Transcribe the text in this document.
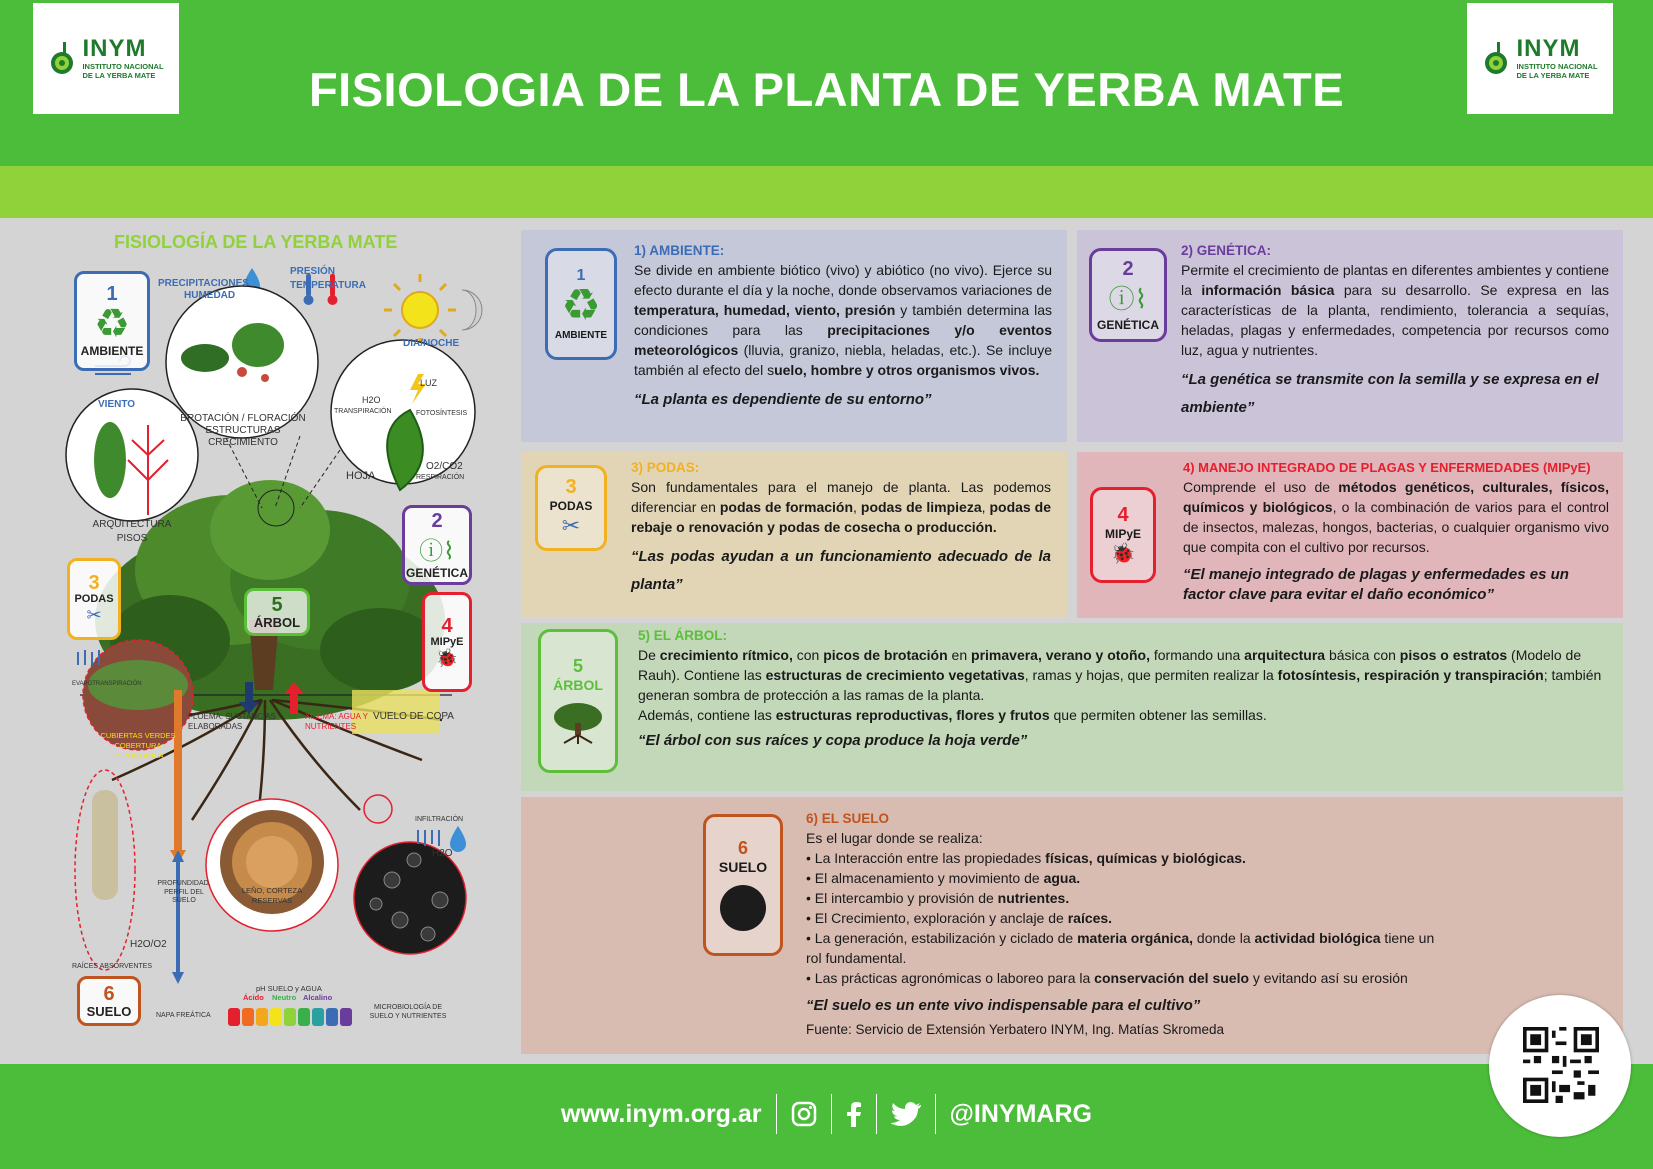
INYM
INSTITUTO NACIONAL
DE LA YERBA MATE	FISIOLOGIA DE LA PLANTA DE YERBA MATE
INYM
INSTITUTO NACIONAL
DE LA YERBA MATE
FISIOLOGÍA DE LA YERBA MATE
PRECIPITACIONES
HUMEDAD
PRESIÓN
TEMPERATURA
DIA/NOCHE
VIENTO
BROTACIÓN / FLORACIÓN
ESTRUCTURAS
CRECIMIENTO
LUZ
H2O
TRANSPIRACIÓN	FOTOSÍNTESIS
HOJA
O2/CO2
RESPIRACIÓN
ARQUITECTURA
PISOS
EVAPOTRANSPIRACIÓN
FLOEMA: SUSTANCIAS
ELABORADAS
XILEMA: AGUA Y
NUTRIENTES
VUELO DE COPA
CUBIERTAS VERDES
COBERTURA
ESPONTÁNEA
INFILTRACIÓN
H2O
PROFUNDIDAD,
PERFIL DEL SUELO
LEÑO, CORTEZA
RESERVAS
H2O/O2
RAÍCES ABSORVENTES
NAPA FREÁTICA
pH SUELO y AGUA
Ácido Neutro Alcalino
MICROBIOLOGÍA DE
SUELO Y NUTRIENTES
1
♻
AMBIENTE
2
ⓘ⌇
GENÉTICA
3
PODAS
✂	4
MIPyE
🐞
5
ÁRBOL
6
SUELO
1
♻
AMBIENTE
1) AMBIENTE:
Se divide en ambiente biótico (vivo) y abiótico (no vivo). Ejerce su efecto durante el día y la noche, donde observamos variaciones de temperatura, humedad, viento, presión y también determina las condiciones para las precipitaciones y/o eventos meteorológicos (lluvia, granizo, niebla, heladas, etc.). Se incluye también al efecto del suelo, hombre y otros organismos vivos.
“La planta es dependiente de su entorno”
2
ⓘ⌇
GENÉTICA
2) GENÉTICA:
Permite el crecimiento de plantas en diferentes ambientes y contiene la información básica para su desarrollo. Se expresa en las características de la planta, rendimiento, tolerancia a sequías, heladas, plagas y enfermedades, competencia por recursos como luz, agua y nutrientes.
“La genética se transmite con la semilla y se expresa en el ambiente”
3
PODAS
✂
3) PODAS:
Son fundamentales para el manejo de planta. Las podemos diferenciar en podas de formación, podas de limpieza, podas de rebaje o renovación y podas de cosecha o producción.
“Las podas ayudan a un funcionamiento adecuado de la planta”
4
MIPyE
🐞
4) MANEJO INTEGRADO DE PLAGAS Y ENFERMEDADES (MIPyE)
Comprende el uso de métodos genéticos, culturales, físicos, químicos y biológicos, o la combinación de varios para el control de insectos, malezas, hongos, bacterias, o cualquier organismo vivo que compita con el cultivo por recursos.
“El manejo integrado de plagas y enfermedades es un factor clave para evitar el daño económico”
5
ÁRBOL
5) EL ÁRBOL:
De crecimiento rítmico, con picos de brotación en primavera, verano y otoño, formando una arquitectura básica con pisos o estratos (Modelo de Rauh). Contiene las estructuras de crecimiento vegetativas, ramas y hojas, que permiten realizar la fotosíntesis, respiración y transpiración; también generan sombra de protección a las ramas de la planta.
Además, contiene las estructuras reproductivas, flores y frutos que permiten obtener las semillas.
“El árbol con sus raíces y copa produce la hoja verde”
6
SUELO
6) EL SUELO
Es el lugar donde se realiza:
• La Interacción entre las propiedades físicas, químicas y biológicas.
• El almacenamiento y movimiento de agua.
• El intercambio y provisión de nutrientes.
• El Crecimiento, exploración y anclaje de raíces.
• La generación, estabilización y ciclado de materia orgánica, donde la actividad biológica tiene un rol fundamental.
• Las prácticas agronómicas o laboreo para la conservación del suelo y evitando así su erosión
“El suelo es un ente vivo indispensable para el cultivo”
Fuente: Servicio de Extensión Yerbatero INYM, Ing. Matías Skromeda
www.inym.org.ar	@INYMARG
